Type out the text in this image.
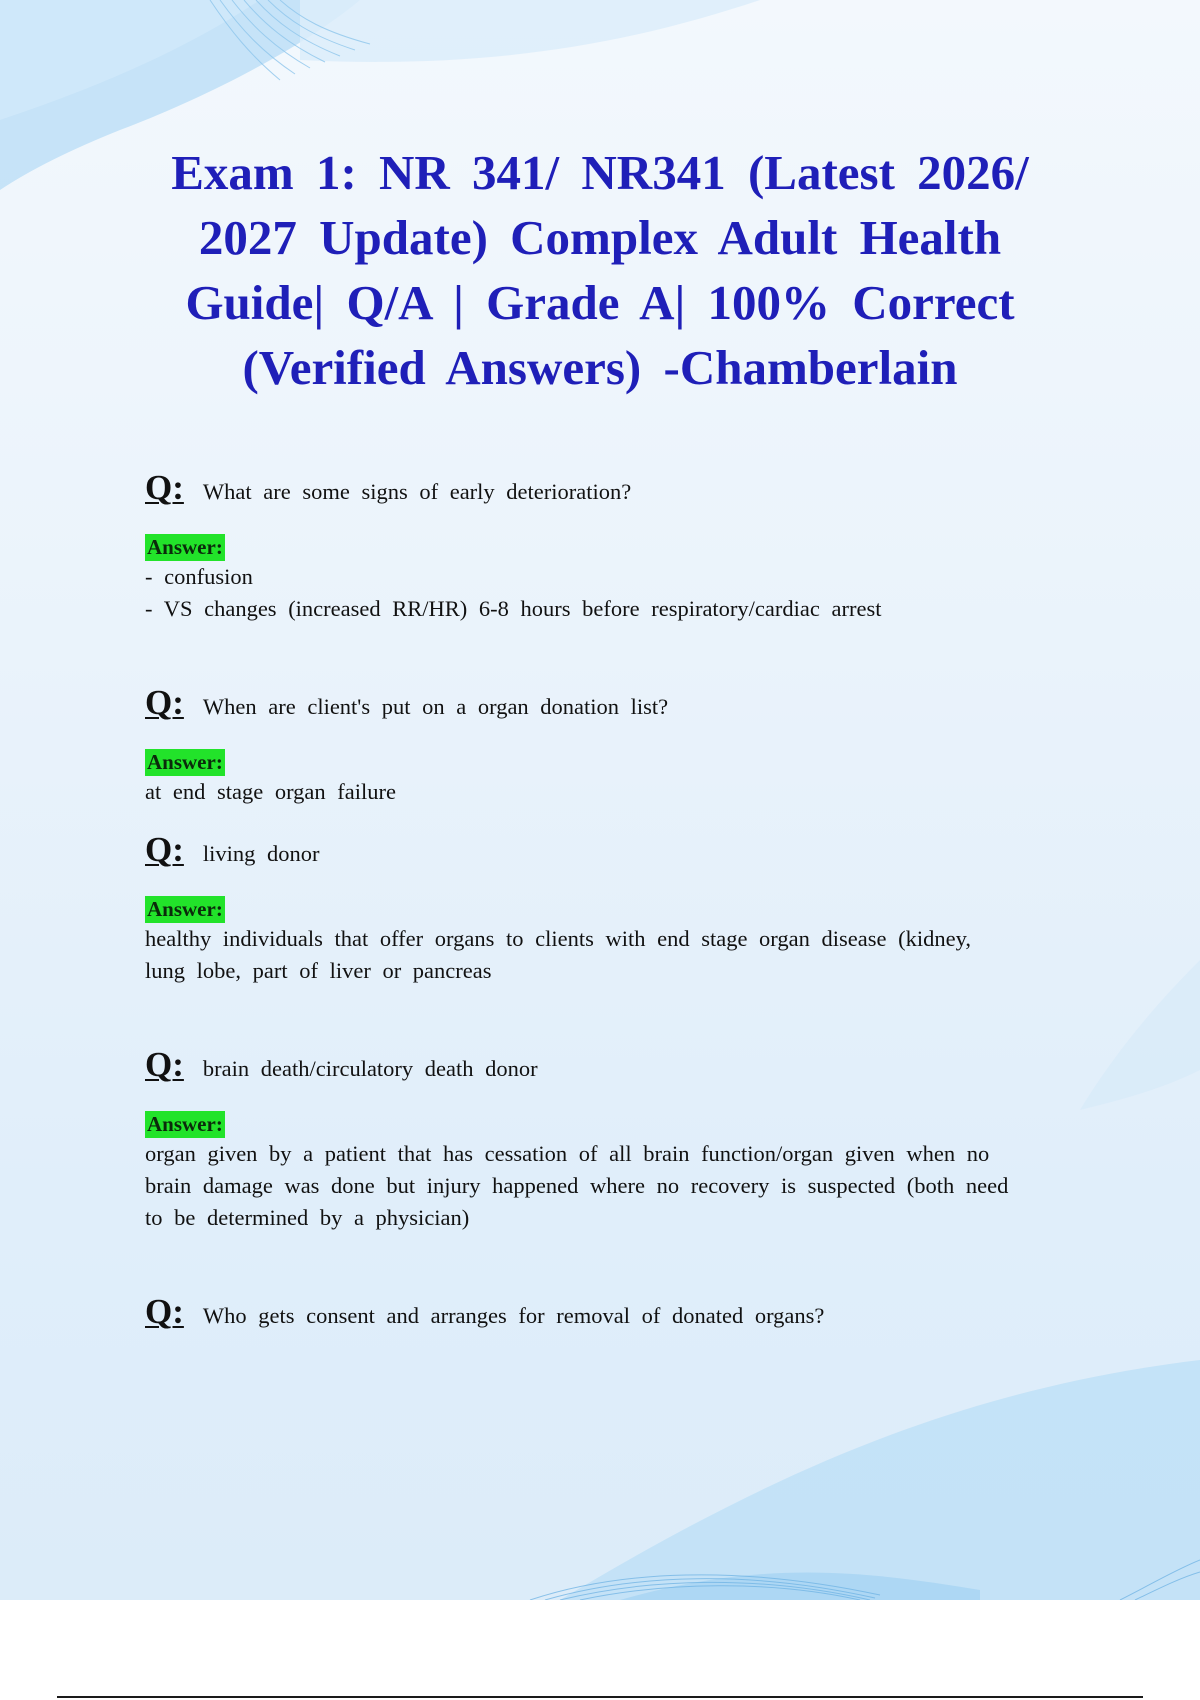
Exam 1: NR 341/ NR341 (Latest 2026/ 2027 Update) Complex Adult Health Guide| Q/A | Grade A| 100% Correct (Verified Answers) -Chamberlain
Q: What are some signs of early deterioration?
Answer:
- confusion
- VS changes (increased RR/HR) 6-8 hours before respiratory/cardiac arrest
Q: When are client's put on a organ donation list?
Answer:
at end stage organ failure
Q: living donor
Answer:
healthy individuals that offer organs to clients with end stage organ disease (kidney,
lung lobe, part of liver or pancreas
Q: brain death/circulatory death donor
Answer:
organ given by a patient that has cessation of all brain function/organ given when no
brain damage was done but injury happened where no recovery is suspected (both need
to be determined by a physician)
Q: Who gets consent and arranges for removal of donated organs?
